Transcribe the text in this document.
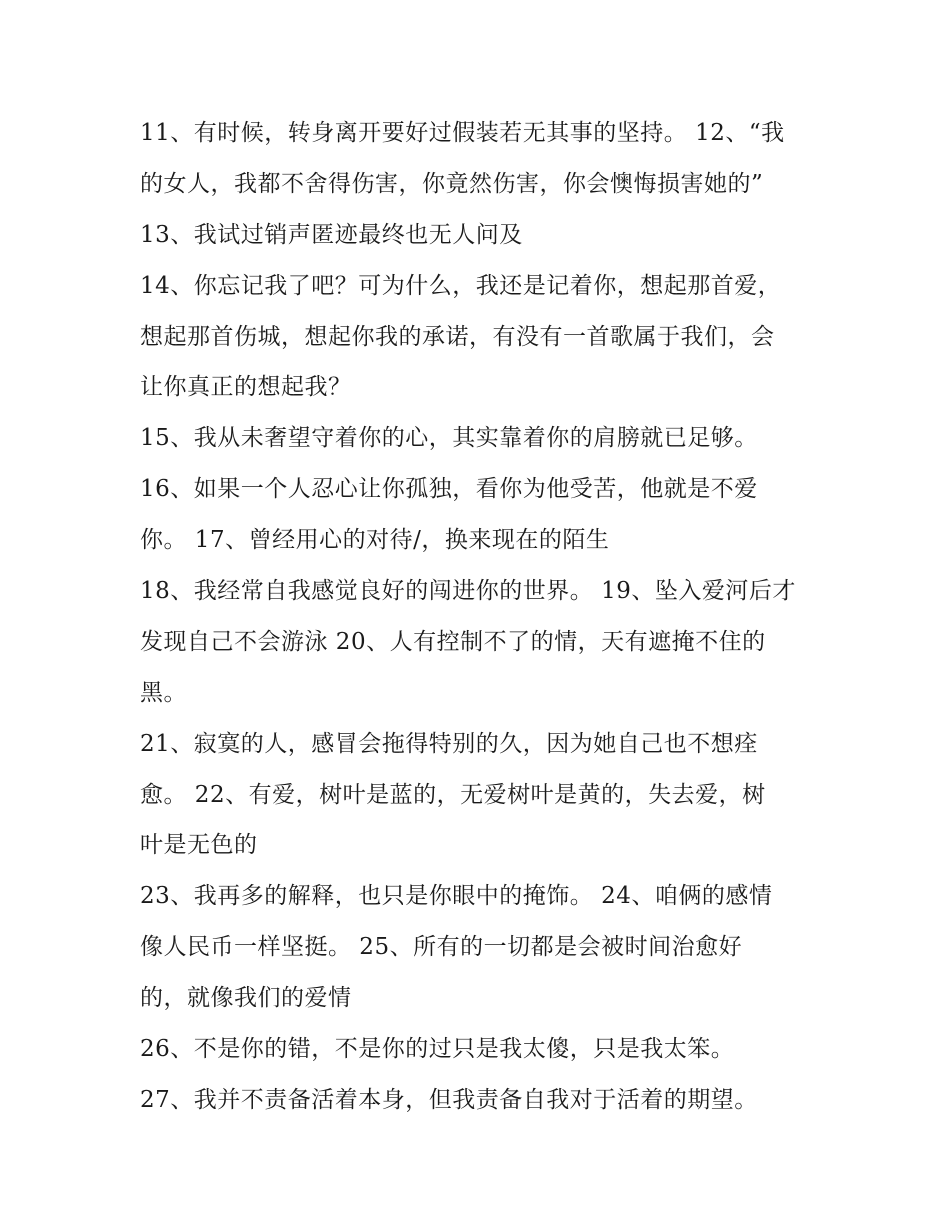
11、有时候，转身离开要好过假装若无其事的坚持。 12、“我
的女人，我都不舍得伤害，你竟然伤害，你会懊悔损害她的”
13、我试过销声匿迹最终也无人问及
14、你忘记我了吧？可为什么，我还是记着你，想起那首爱，
想起那首伤城，想起你我的承诺，有没有一首歌属于我们，会
让你真正的想起我？
15、我从未奢望守着你的心，其实靠着你的肩膀就已足够。
16、如果一个人忍心让你孤独，看你为他受苦，他就是不爱
你。 17、曾经用心的对待/，换来现在的陌生
18、我经常自我感觉良好的闯进你的世界。 19、坠入爱河后才
发现自己不会游泳 20、人有控制不了的情，天有遮掩不住的
黑。
21、寂寞的人，感冒会拖得特别的久，因为她自己也不想痊
愈。 22、有爱，树叶是蓝的，无爱树叶是黄的，失去爱，树
叶是无色的
23、我再多的解释，也只是你眼中的掩饰。 24、咱俩的感情
像人民币一样坚挺。 25、所有的一切都是会被时间治愈好
的，就像我们的爱情
26、不是你的错，不是你的过只是我太傻，只是我太笨。
27、我并不责备活着本身，但我责备自我对于活着的期望。
